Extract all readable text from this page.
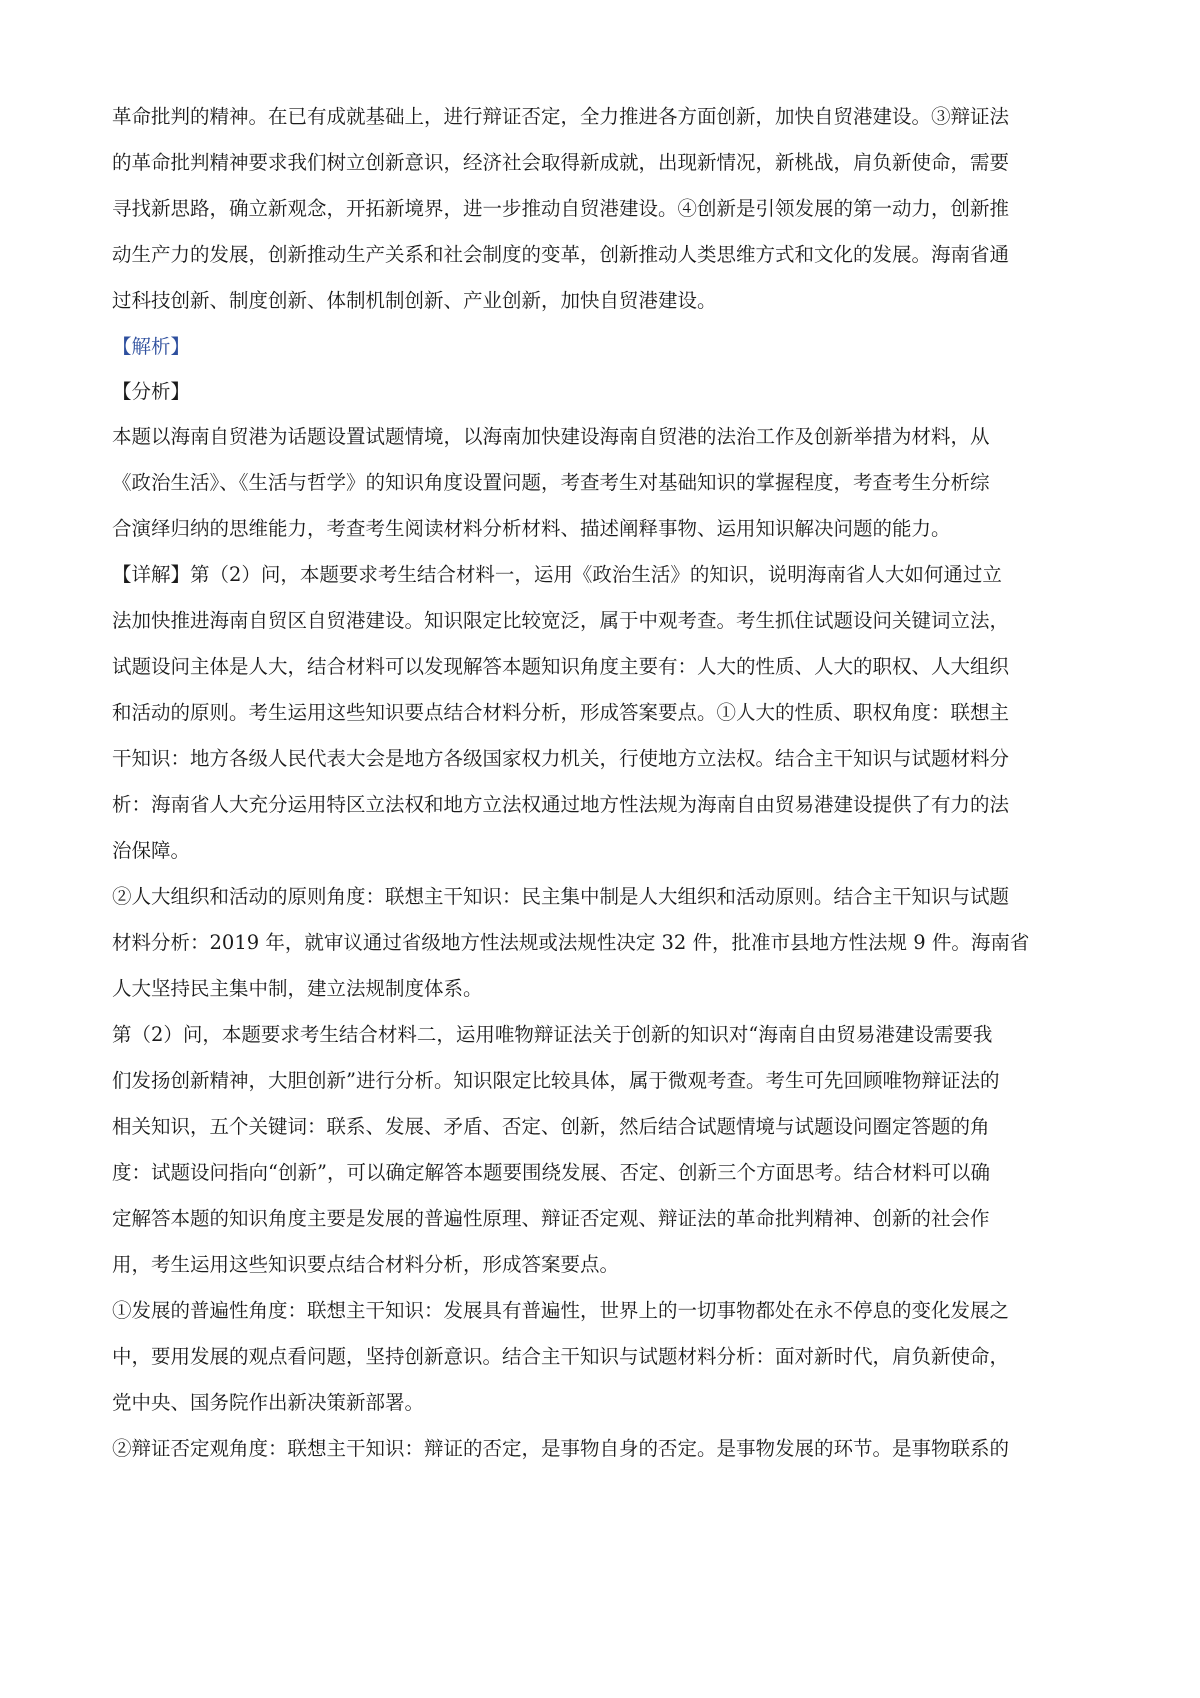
革命批判的精神。在已有成就基础上，进行辩证否定，全力推进各方面创新，加快自贸港建设。③辩证法
的革命批判精神要求我们树立创新意识，经济社会取得新成就，出现新情况，新桃战，肩负新使命，需要
寻找新思路，确立新观念，开拓新境界，进一步推动自贸港建设。④创新是引领发展的第一动力，创新推
动生产力的发展，创新推动生产关系和社会制度的变革，创新推动人类思维方式和文化的发展。海南省通
过科技创新、制度创新、体制机制创新、产业创新，加快自贸港建设。
【解析】
【分析】
本题以海南自贸港为话题设置试题情境，以海南加快建设海南自贸港的法治工作及创新举措为材料，从
《政治生活》、《生活与哲学》的知识角度设置问题，考查考生对基础知识的掌握程度，考查考生分析综
合演绎归纳的思维能力，考查考生阅读材料分析材料、描述阐释事物、运用知识解决问题的能力。
【详解】第（2）问，本题要求考生结合材料一，运用《政治生活》的知识，说明海南省人大如何通过立
法加快推进海南自贸区自贸港建设。知识限定比较宽泛，属于中观考查。考生抓住试题设问关键词立法，
试题设问主体是人大，结合材料可以发现解答本题知识角度主要有：人大的性质、人大的职权、人大组织
和活动的原则。考生运用这些知识要点结合材料分析，形成答案要点。①人大的性质、职权角度：联想主
干知识：地方各级人民代表大会是地方各级国家权力机关，行使地方立法权。结合主干知识与试题材料分
析：海南省人大充分运用特区立法权和地方立法权通过地方性法规为海南自由贸易港建设提供了有力的法
治保障。
②人大组织和活动的原则角度：联想主干知识：民主集中制是人大组织和活动原则。结合主干知识与试题
材料分析：2019 年，就审议通过省级地方性法规或法规性决定 32 件，批准市县地方性法规 9 件。海南省
人大坚持民主集中制，建立法规制度体系。
第（2）问，本题要求考生结合材料二，运用唯物辩证法关于创新的知识对“海南自由贸易港建设需要我
们发扬创新精神，大胆创新”进行分析。知识限定比较具体，属于微观考查。考生可先回顾唯物辩证法的
相关知识，五个关键词：联系、发展、矛盾、否定、创新，然后结合试题情境与试题设问圈定答题的角
度：试题设问指向“创新”，可以确定解答本题要围绕发展、否定、创新三个方面思考。结合材料可以确
定解答本题的知识角度主要是发展的普遍性原理、辩证否定观、辩证法的革命批判精神、创新的社会作
用，考生运用这些知识要点结合材料分析，形成答案要点。
①发展的普遍性角度：联想主干知识：发展具有普遍性，世界上的一切事物都处在永不停息的变化发展之
中，要用发展的观点看问题，坚持创新意识。结合主干知识与试题材料分析：面对新时代，肩负新使命，
党中央、国务院作出新决策新部署。
②辩证否定观角度：联想主干知识：辩证的否定，是事物自身的否定。是事物发展的环节。是事物联系的
